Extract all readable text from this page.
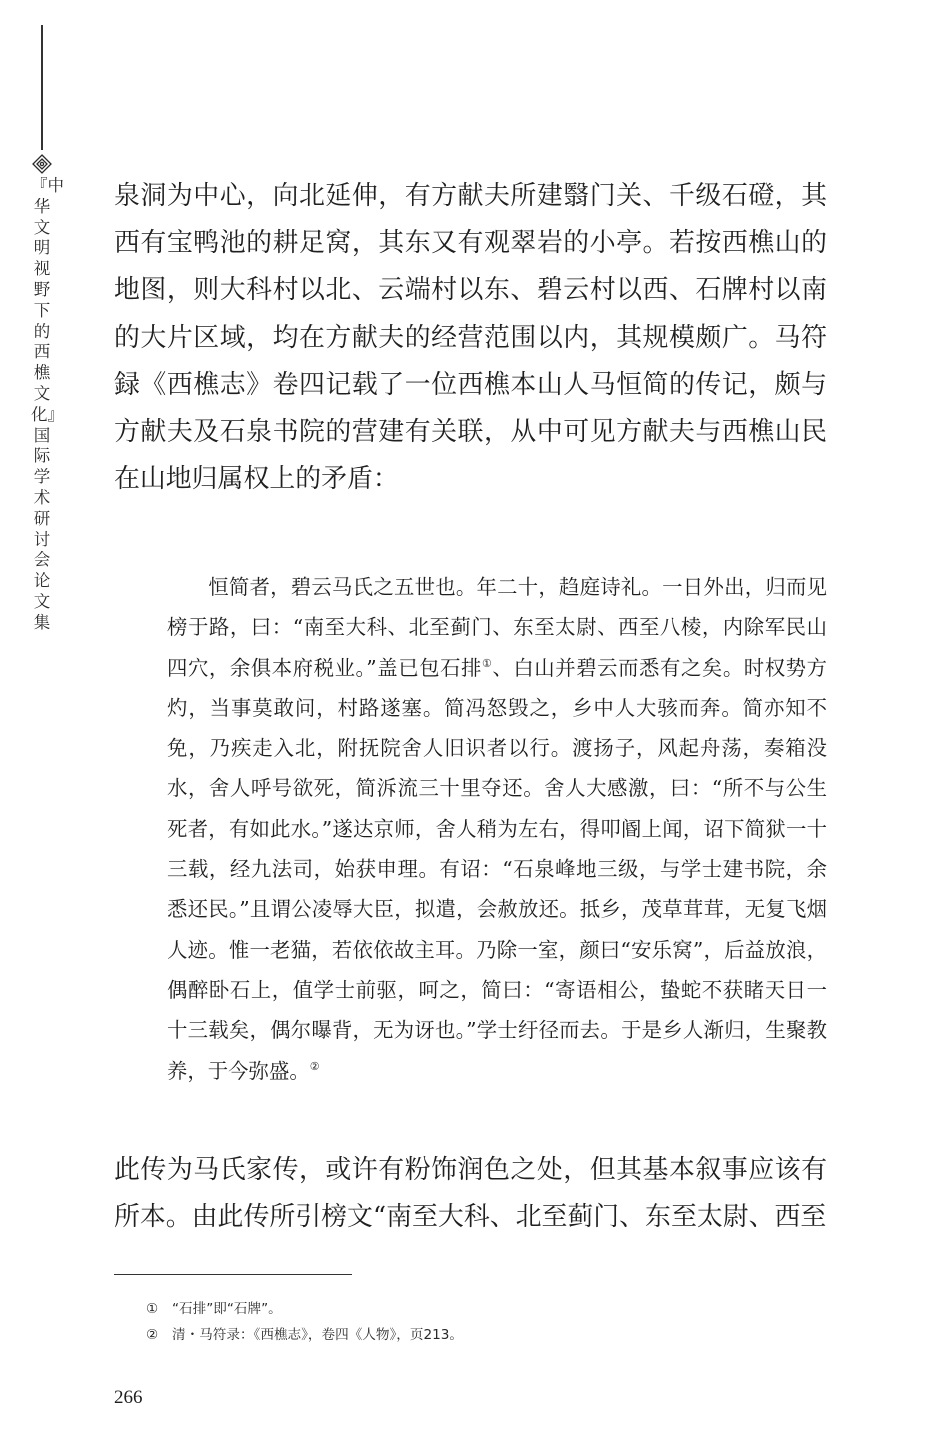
『中华文明视野下的西樵文化』国际学术研讨会论文集

泉洞为中心，向北延伸，有方献夫所建翳门关、千级石磴，其西有宝鸭池的耕足窝，其东又有观翠岩的小亭。若按西樵山的地图，则大科村以北、云端村以东、碧云村以西、石牌村以南的大片区域，均在方献夫的经营范围以内，其规模颇广。马符録《西樵志》卷四记载了一位西樵本山人马恒简的传记，颇与方献夫及石泉书院的营建有关联，从中可见方献夫与西樵山民在山地归属权上的矛盾：

恒简者，碧云马氏之五世也。年二十，趋庭诗礼。一日外出，归而见榜于路，曰：“南至大科、北至蓟门、东至太尉、西至八棱，内除军民山四穴，余俱本府税业。”盖已包石排①、白山并碧云而悉有之矣。时权势方灼，当事莫敢问，村路遂塞。简冯怒毁之，乡中人大骇而奔。简亦知不免，乃疾走入北，附抚院舍人旧识者以行。渡扬子，风起舟荡，奏箱没水，舍人呼号欲死，简泝流三十里夺还。舍人大感激，曰：“所不与公生死者，有如此水。”遂达京师，舍人稍为左右，得叩阍上闻，诏下简狱一十三载，经九法司，始获申理。有诏：“石泉峰地三级，与学士建书院，余悉还民。”且谓公凌辱大臣，拟遣，会赦放还。抵乡，茂草茸茸，无复飞烟人迹。惟一老猫，若依依故主耳。乃除一室，颜曰“安乐窝”，后益放浪，偶醉卧石上，值学士前驱，呵之，简曰：“寄语相公，蛰蛇不获睹天日一十三载矣，偶尔曝背，无为讶也。”学士纡径而去。于是乡人渐归，生聚教养，于今弥盛。②

此传为马氏家传，或许有粉饰润色之处，但其基本叙事应该有所本。由此传所引榜文“南至大科、北至蓟门、东至太尉、西至

① “石排”即“石牌”。
② 清・马符录：《西樵志》，卷四《人物》，页213。
266
